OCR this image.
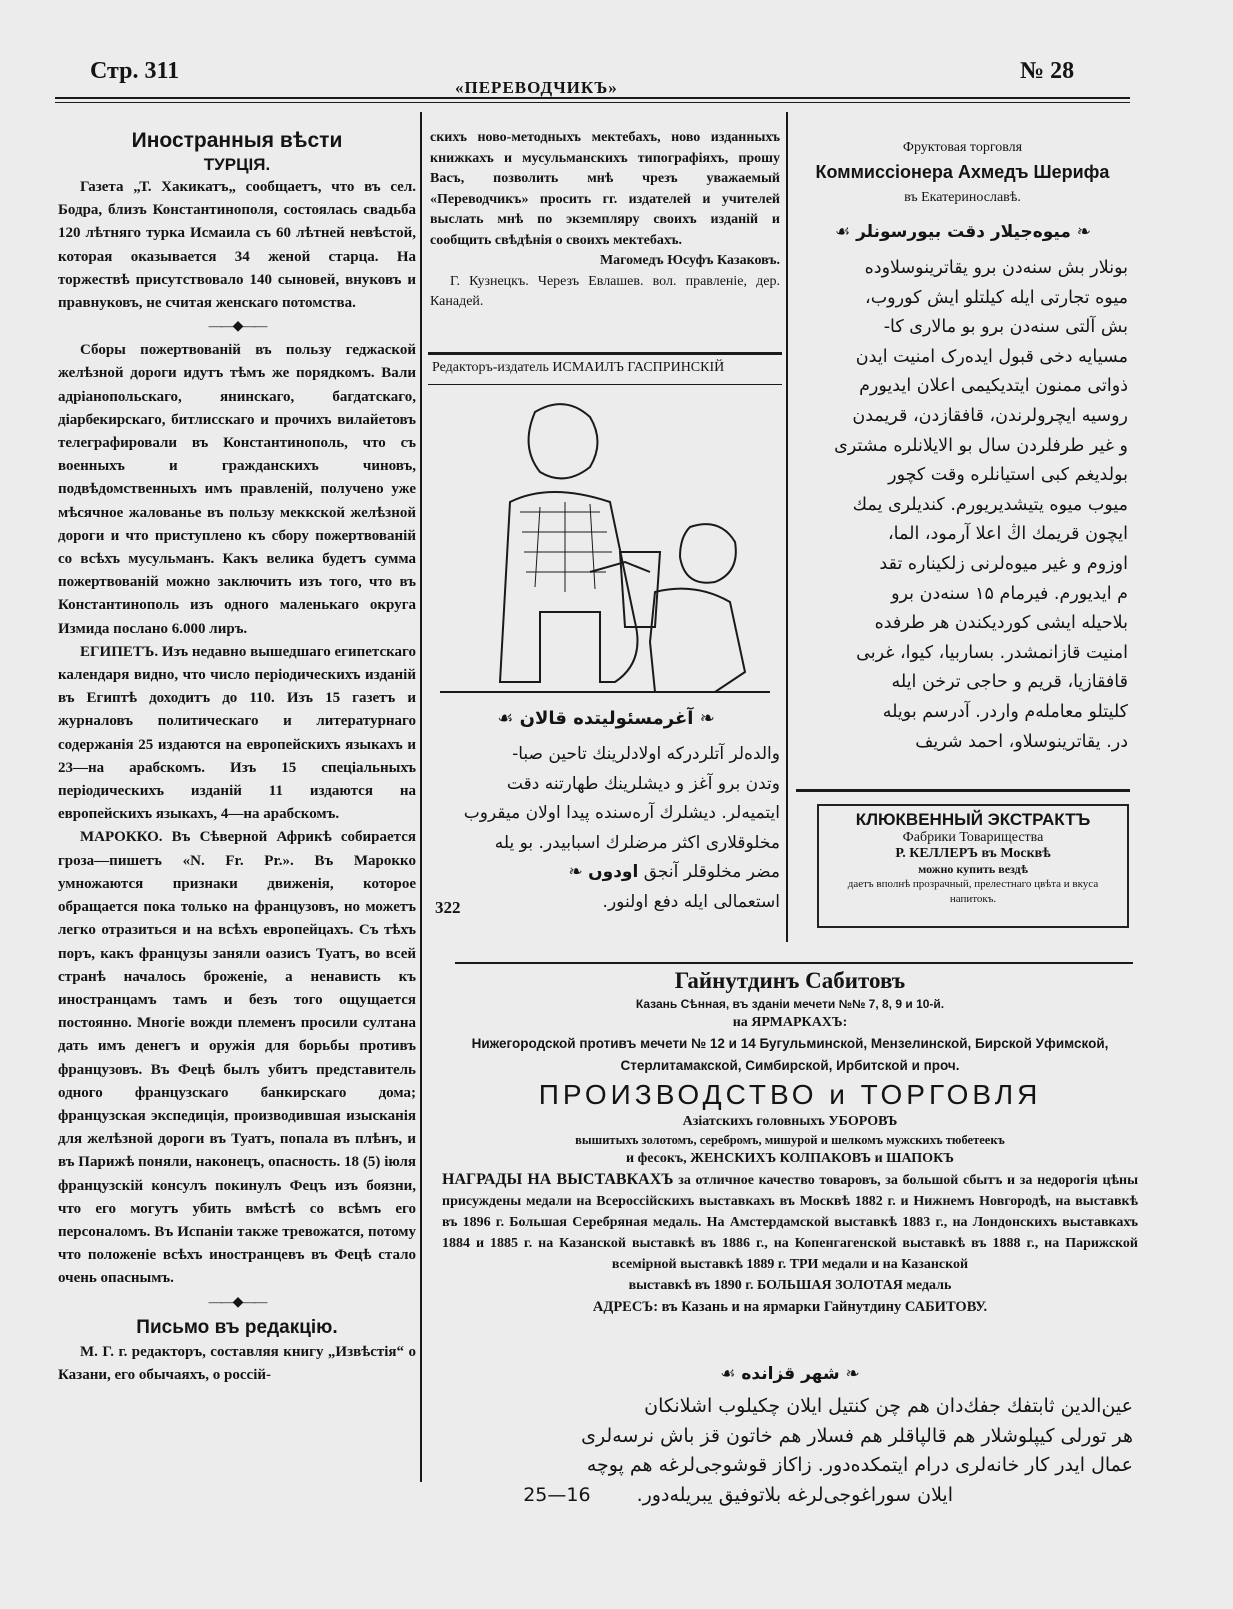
Стр. 311
«ПЕРЕВОДЧИКЪ»
№ 28
Иностранныя вѣсти
ТУРЦІЯ.

Газета „Т. Хакикатъ„ сообщаетъ, что въ сел. Бодра, близъ Константинополя, состоялась свадьба 120 лѣтняго турка Исмаила съ 60 лѣтней невѣстой, которая оказывается 34 женой старца. На торжествѣ присутствовало 140 сыновей, внуковъ и правнуковъ, не считая женскаго потомства.

——◆——

Сборы пожертвованій въ пользу геджаской желѣзной дороги идутъ тѣмъ же порядкомъ. Вали адріанопольскаго, янинскаго, багдатскаго, діарбекирскаго, битлисскаго и прочихъ вилайетовъ телеграфировали въ Константинополь, что съ военныхъ и гражданскихъ чиновъ, подвѣдомственныхъ имъ правленій, получено уже мѣсячное жалованье въ пользу меккской желѣзной дороги и что приступлено къ сбору пожертвованій со всѣхъ мусульманъ. Какъ велика будетъ сумма пожертвованій можно заключить изъ того, что въ Константинополь изъ одного маленькаго округа Измида послано 6.000 лиръ.

ЕГИПЕТЪ. Изъ недавно вышедшаго египетскаго календаря видно, что число періодическихъ изданій въ Египтѣ доходитъ до 110. Изъ 15 газетъ и журналовъ политическаго и литературнаго содержанія 25 издаются на европейскихъ языкахъ и 23—на арабскомъ. Изъ 15 спеціальныхъ періодическихъ изданій 11 издаются на европейскихъ языкахъ, 4—на арабскомъ.

МАРОККО. Въ Сѣверной Африкѣ собирается гроза—пишетъ «N. Fr. Pr.». Въ Марокко умножаются признаки движенія, которое обращается пока только на французовъ, но можетъ легко отразиться и на всѣхъ европейцахъ. Съ тѣхъ поръ, какъ французы заняли оазисъ Туатъ, во всей странѣ началось броженіе, а ненависть къ иностранцамъ тамъ и безъ того ощущается постоянно. Многіе вожди племенъ просили султана дать имъ денегъ и оружія для борьбы противъ французовъ. Въ Фецѣ былъ убитъ представитель одного французскаго банкирскаго дома; французская экспедиція, производившая изысканія для желѣзной дороги въ Туатъ, попала въ плѣнъ, и въ Парижѣ поняли, наконецъ, опасность. 18 (5) іюля французскій консулъ покинулъ Фецъ изъ боязни, что его могутъ убить вмѣстѣ со всѣмъ его персоналомъ. Въ Испаніи также тревожатся, потому что положеніе всѣхъ иностранцевъ въ Фецѣ стало очень опаснымъ.

——◆——
Письмо въ редакцію.

М. Г. г. редакторъ, составляя книгу „Извѣстія“ о Казани, его обычаяхъ, о россій-

скихъ ново-методныхъ мектебахъ, ново изданныхъ книжкахъ и мусульманскихъ типографіяхъ, прошу Васъ, позволить мнѣ чрезъ уважаемый «Переводчикъ» просить гг. издателей и учителей выслать мнѣ по экземпляру своихъ изданій и сообщить свѣдѣнія о своихъ мектебахъ.
Магомедъ Юсуфъ Казаковъ.

Г. Кузнецкъ. Черезъ Евлашев. вол. правленіе, дер. Канадей.

Редакторъ-издатель ИСМАИЛЪ ГАСПРИНСКІЙ
❧ آغرمسئولیتده قالان ☙
والده‌لر آتلردرکه اولادلرینك تاحین صبا-
وتدن برو آغز و دیشلرینك طهارتنه دقت
ایتمیه‌لر. دیشلرك آره‌سنده پیدا اولان میقروب
مخلوقلاری اکثر مرضلرك اسبابیدر. بو یله
مضر مخلوقلر آنجق اودوں ❧
استعمالی ایله دفع اولنور.
322
Фруктовая торговля
Коммиссіонера Ахмедъ Шерифа
въ Екатеринославѣ.
❧ میوه‌جیلار دقت بیورسونلر ☙
بونلار بش سنه‌دن برو یقاترینوسلاوده
میوه تجارتی ایله کیلتلو ایش کوروب،
بش آلتی سنه‌دن برو بو مالاری کا-
مسیایه دخی قبول ایده‌رک امنیت ایدن
ذواتی ممنون ایتدیکیمی اعلان ایدیورم
روسیه ایچرولرندن، قافقازدن، قریمدن
و غیر طرفلردن سال بو الایلانلره مشتری
بولدیغم کبی استیانلره وقت کچور
میوب میوه یتیشدیریورم. کندیلری یمك
ایچون قریمك اڭ اعلا آرمود، الما،
اوزوم و غیر میوه‌لرنی زلکیناره تقد
م ایدیورم. فیرمام ۱۵ سنه‌دن برو
بلاحیله ایشی کوردیکندن هر طرفده
امنیت قازانمشدر. بساربیا، کیوا، غربی
قافقازیا، قریم و حاجی ترخن ایله
کلیتلو معامله‌م واردر. آدرسم بویله
در. یقاترینوسلاو، احمد شریف
КЛЮКВЕННЫЙ ЭКСТРАКТЪ
Фабрики Товарищества
Р. КЕЛЛЕРЪ въ Москвѣ
можно купить вездѣ
даетъ вполнѣ прозрачный, прелестнаго цвѣта и вкуса напитокъ.
Гайнутдинъ Сабитовъ
Казань Сѣнная, въ зданіи мечети №№ 7, 8, 9 и 10-й.
на ЯРМАРКАХЪ:
Нижегородской противъ мечети № 12 и 14 Бугульминской, Мензелинской, Бирской Уфимской, Стерлитамакской, Симбирской, Ирбитской и проч.
ПРОИЗВОДСТВО и ТОРГОВЛЯ
Азіатскихъ головныхъ УБОРОВЪ
вышитыхъ золотомъ, серебромъ, мишурой и шелкомъ мужскихъ тюбетеекъ
и фесокъ, ЖЕНСКИХЪ КОЛПАКОВЪ и ШАПОКЪ
НАГРАДЫ НА ВЫСТАВКАХЪ за отличное качество товаровъ, за большой сбытъ и за недорогія цѣны присуждены медали на Всероссійскихъ выставкахъ въ Москвѣ 1882 г. и Нижнемъ Новгородѣ, на выставкѣ въ 1896 г. Большая Серебряная медаль. На Амстердамской выставкѣ 1883 г., на Лондонскихъ выставкахъ 1884 и 1885 г. на Казанской выставкѣ въ 1886 г., на Копенгагенской выставкѣ въ 1888 г., на Парижской всемірной выставкѣ 1889 г. ТРИ медали и на Казанской
выставкѣ въ 1890 г. БОЛЬШАЯ ЗОЛОТАЯ медаль
АДРЕСЪ: въ Казань и на ярмарки Гайнутдину САБИТОВУ.
❧ شهر قزانده ☙
عین‌الدین ثابتفك جفك‌دان هم چن کنتیل ایلان چکیلوب اشلانکان
هر تورلی کیپلوشلار هم قالپاقلر هم فسلار هم خاتون قز باش نرسه‌لری
عمال ایدر کار خانه‌لری درام ایتمکده‌دور. زاکاز قوشوجی‌لرغه هم پوچه
ایلان سوراغوجی‌لرغه بلاتوفیق یبریله‌دور. 25—16
